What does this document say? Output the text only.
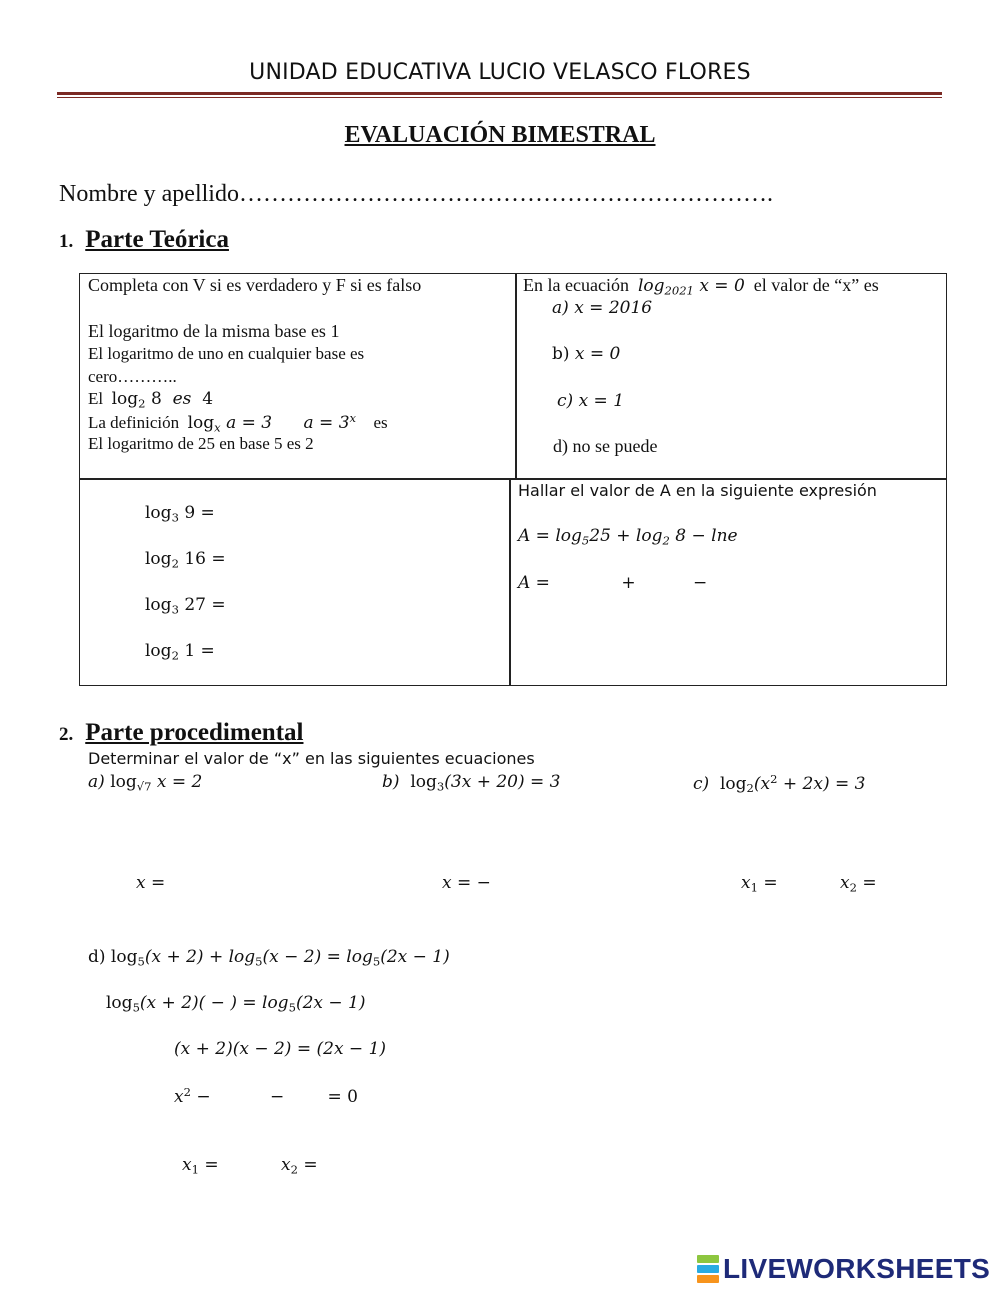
UNIDAD EDUCATIVA LUCIO VELASCO FLORES
EVALUACIÓN BIMESTRAL
Nombre y apellido………………………………………………………….
1. Parte Teórica
Completa con V si es verdadero y F si es falso
El logaritmo de la misma base es 1
El logaritmo de uno en cualquier base es
cero………..
El $\log_2 8$ es 4
La definición $\log_x a = 3$ $a = 3^x$ es
El logaritmo de 25 en base 5 es 2
En la ecuación $\log_{2021} x = 0$ el valor de “x” es
a) x = 2016
b) x = 0
c) x = 1
d) no se puede
$\log_3 9$ =
$\log_2 16$ =
$\log_3 27$ =
$\log_2 1$ =
Hallar el valor de A en la siguiente expresión
$A = \log_525 + \log_2 8 - \ln e$
A =	+	−
2. Parte procedimental
Determinar el valor de “x” en las siguientes ecuaciones
a) $\log_{√7} x = 2$	b) $\log_3(3x + 20) = 3$	c) $\log_2(x^2 + 2x) = 3$
x =	x = −	$x_1$ =	$x_2$ =
d) $\log_5(x + 2) + \log_5(x - 2) = \log_5(2x - 1)$
$\log_5(x + 2)$( − ) = $\log_5(2x - 1)$
(x + 2)(x − 2) = (2x − 1)
$x^2$ −           −        = 0
$x_1$ =	$x_2$ =
LIVEWORKSHEETS
